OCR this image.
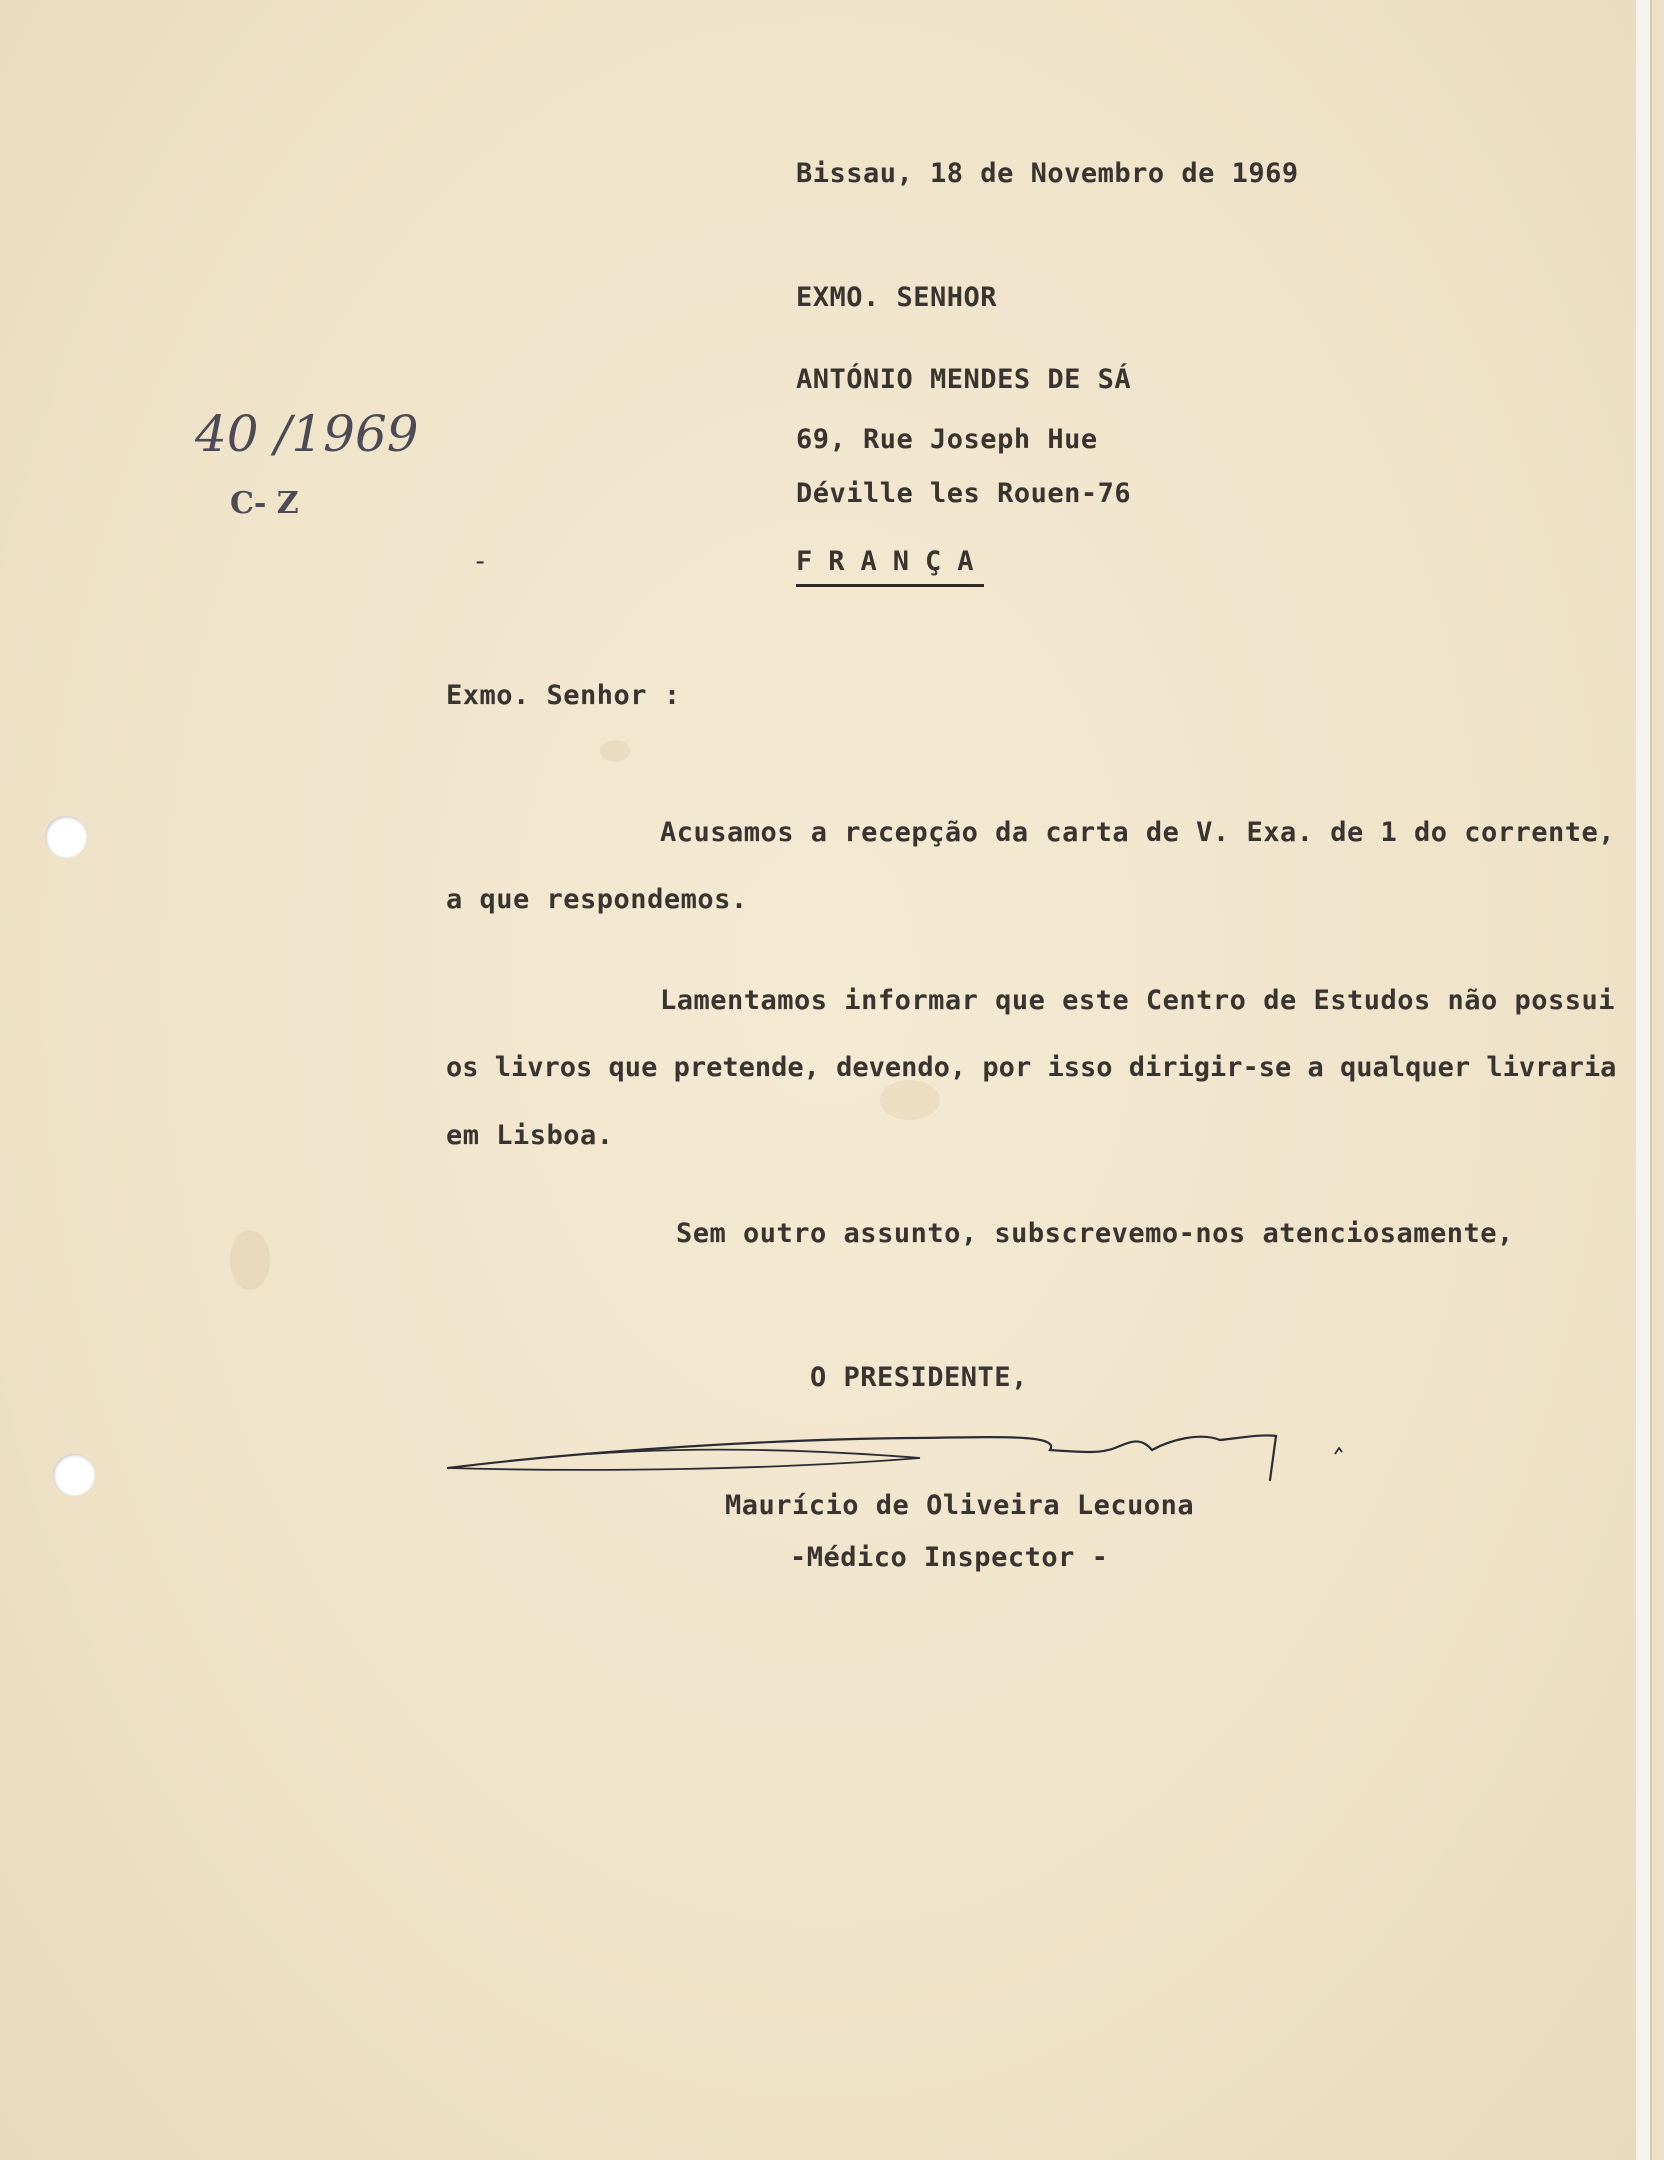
Bissau, 18 de Novembro de 1969
40 /1969
C- Z
EXMO. SENHOR
ANTÓNIO MENDES DE SÁ
69, Rue Joseph Hue
Déville les Rouen-76
FRANÇA
-
Exmo. Senhor :
Acusamos a recepção da carta de V. Exa. de 1 do corrente,
a que respondemos.
Lamentamos informar que este Centro de Estudos não possui
os livros que pretende, devendo, por isso dirigir-se a qualquer livraria
em Lisboa.
Sem outro assunto, subscrevemo-nos atenciosamente,
O PRESIDENTE,
Maurício de Oliveira Lecuona
-Médico Inspector -
